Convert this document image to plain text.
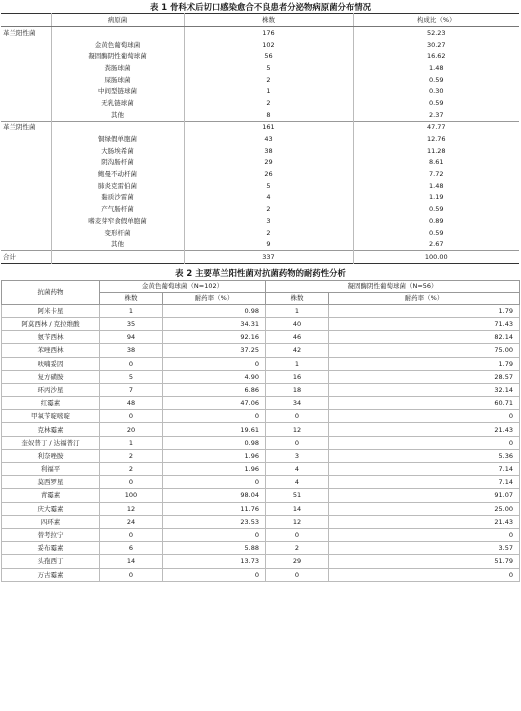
表 1 骨科术后切口感染愈合不良患者分泌物病原菌分布情况
	病原菌	株数	构成比（%）
革兰阳性菌		176	52.23
	金黄色葡萄球菌	102	30.27
	凝固酶阴性葡萄球菌	56	16.62
	粪肠球菌	5	1.48
	屎肠球菌	2	0.59
	中间型链球菌	1	0.30
	无乳链球菌	2	0.59
	其他	8	2.37
革兰阴性菌		161	47.77
	铜绿假单胞菌	43	12.76
	大肠埃希菌	38	11.28
	阴沟肠杆菌	29	8.61
	鲍曼不动杆菌	26	7.72
	肺炎克雷伯菌	5	1.48
	黏质沙雷菌	4	1.19
	产气肠杆菌	2	0.59
	嗜麦芽窄食假单胞菌	3	0.89
	变形杆菌	2	0.59
	其他	9	2.67
合计		337	100.00
表 2 主要革兰阳性菌对抗菌药物的耐药性分析
抗菌药物	金黄色葡萄球菌（N=102）		凝固酶阴性葡萄球菌（N=56）	
	株数	耐药率（%）	株数	耐药率（%）
阿米卡星	1	0.98	1	1.79
阿莫西林 / 克拉维酸	35	34.31	40	71.43
氨苄西林	94	92.16	46	82.14
苯唑西林	38	37.25	42	75.00
呋喃妥因	0	0	1	1.79
复方磺胺	5	4.90	16	28.57
环丙沙星	7	6.86	18	32.14
红霉素	48	47.06	34	60.71
甲氧苄啶嘧啶	0	0	0	0
克林霉素	20	19.61	12	21.43
奎奴普丁 / 达福普汀	1	0.98	0	0
利奈唑胺	2	1.96	3	5.36
利福平	2	1.96	4	7.14
莫西罗星	0	0	4	7.14
青霉素	100	98.04	51	91.07
庆大霉素	12	11.76	14	25.00
四环素	24	23.53	12	21.43
替考拉宁	0	0	0	0
妥布霉素	6	5.88	2	3.57
头孢西丁	14	13.73	29	51.79
万古霉素	0	0	0	0
